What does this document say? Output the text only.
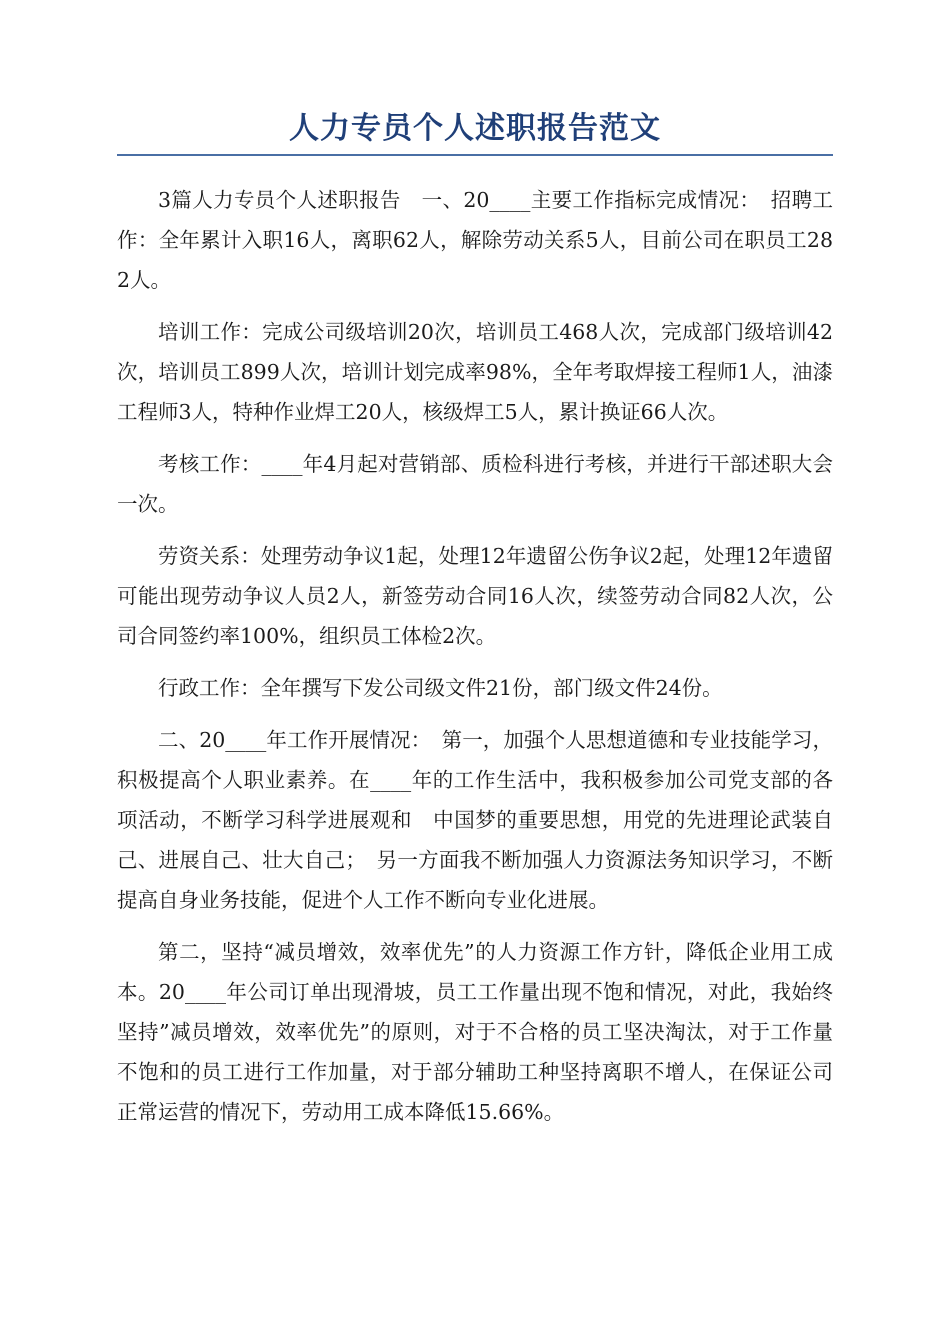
人力专员个人述职报告范文

3篇人力专员个人述职报告　一、20____主要工作指标完成情况：　招聘工作：全年累计入职16人，离职62人，解除劳动关系5人，目前公司在职员工282人。

培训工作：完成公司级培训20次，培训员工468人次，完成部门级培训42次，培训员工899人次，培训计划完成率98%，全年考取焊接工程师1人，油漆工程师3人，特种作业焊工20人，核级焊工5人，累计换证66人次。

考核工作：____年4月起对营销部、质检科进行考核，并进行干部述职大会一次。

劳资关系：处理劳动争议1起，处理12年遗留公伤争议2起，处理12年遗留可能出现劳动争议人员2人，新签劳动合同16人次，续签劳动合同82人次，公司合同签约率100%，组织员工体检2次。

行政工作：全年撰写下发公司级文件21份，部门级文件24份。

二、20____年工作开展情况：　第一，加强个人思想道德和专业技能学习，积极提高个人职业素养。在____年的工作生活中，我积极参加公司党支部的各项活动，不断学习科学进展观和　中国梦的重要思想，用党的先进理论武装自己、进展自己、壮大自己；　另一方面我不断加强人力资源法务知识学习，不断提高自身业务技能，促进个人工作不断向专业化进展。

第二，坚持“减员增效，效率优先”的人力资源工作方针，降低企业用工成本。20____年公司订单出现滑坡，员工工作量出现不饱和情况，对此，我始终坚持”减员增效，效率优先”的原则，对于不合格的员工坚决淘汰，对于工作量不饱和的员工进行工作加量，对于部分辅助工种坚持离职不增人，在保证公司正常运营的情况下，劳动用工成本降低15.66%。
